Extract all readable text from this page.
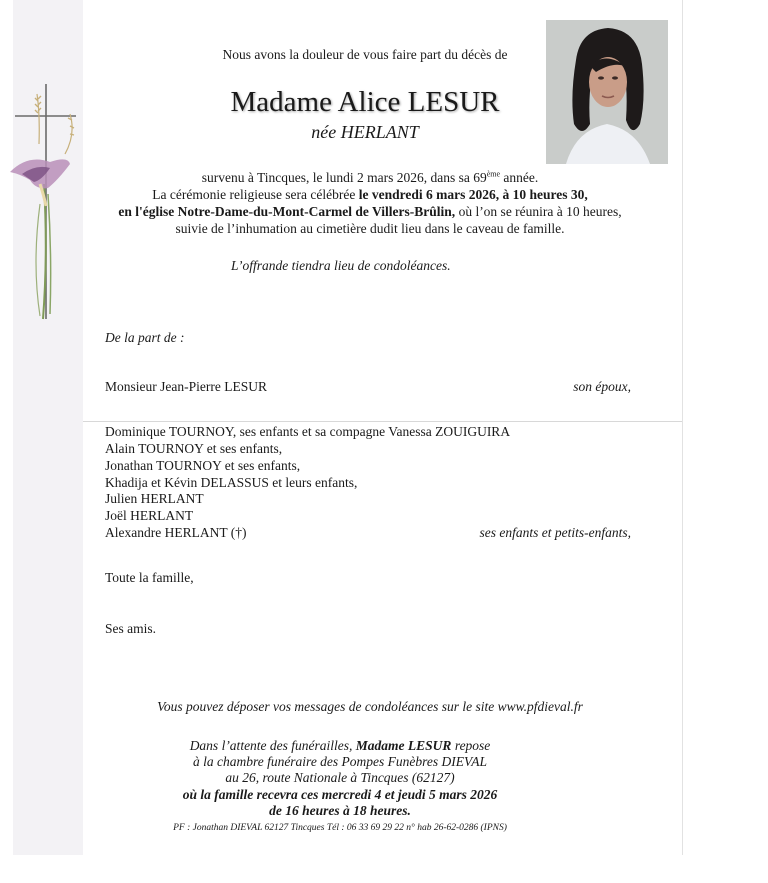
Nous avons la douleur de vous faire part du décès de
Madame Alice LESUR
née HERLANT
survenu à Tincques, le lundi 2 mars 2026, dans sa 69ème année.
La cérémonie religieuse sera célébrée le vendredi 6 mars 2026, à 10 heures 30,
en l'église Notre-Dame-du-Mont-Carmel de Villers-Brûlin, où l’on se réunira à 10 heures,
suivie de l’inhumation au cimetière dudit lieu dans le caveau de famille.
L’offrande tiendra lieu de condoléances.
De la part de :
Monsieur Jean-Pierre LESUR	son époux,
Dominique TOURNOY, ses enfants et sa compagne Vanessa ZOUIGUIRA
Alain TOURNOY et ses enfants,
Jonathan TOURNOY et ses enfants,
Khadija et Kévin DELASSUS et leurs enfants,
Julien HERLANT
Joël HERLANT
Alexandre HERLANT (†)	ses enfants et petits-enfants,
Toute la famille,
Ses amis.
Vous pouvez déposer vos messages de condoléances sur le site www.pfdieval.fr
Dans l’attente des funérailles, Madame LESUR repose
à la chambre funéraire des Pompes Funèbres DIEVAL
au 26, route Nationale à Tincques (62127)
où la famille recevra ces mercredi 4 et jeudi 5 mars 2026
de 16 heures à 18 heures.
PF : Jonathan DIEVAL 62127 Tincques Tél : 06 33 69 29 22 n° hab 26-62-0286 (IPNS)
